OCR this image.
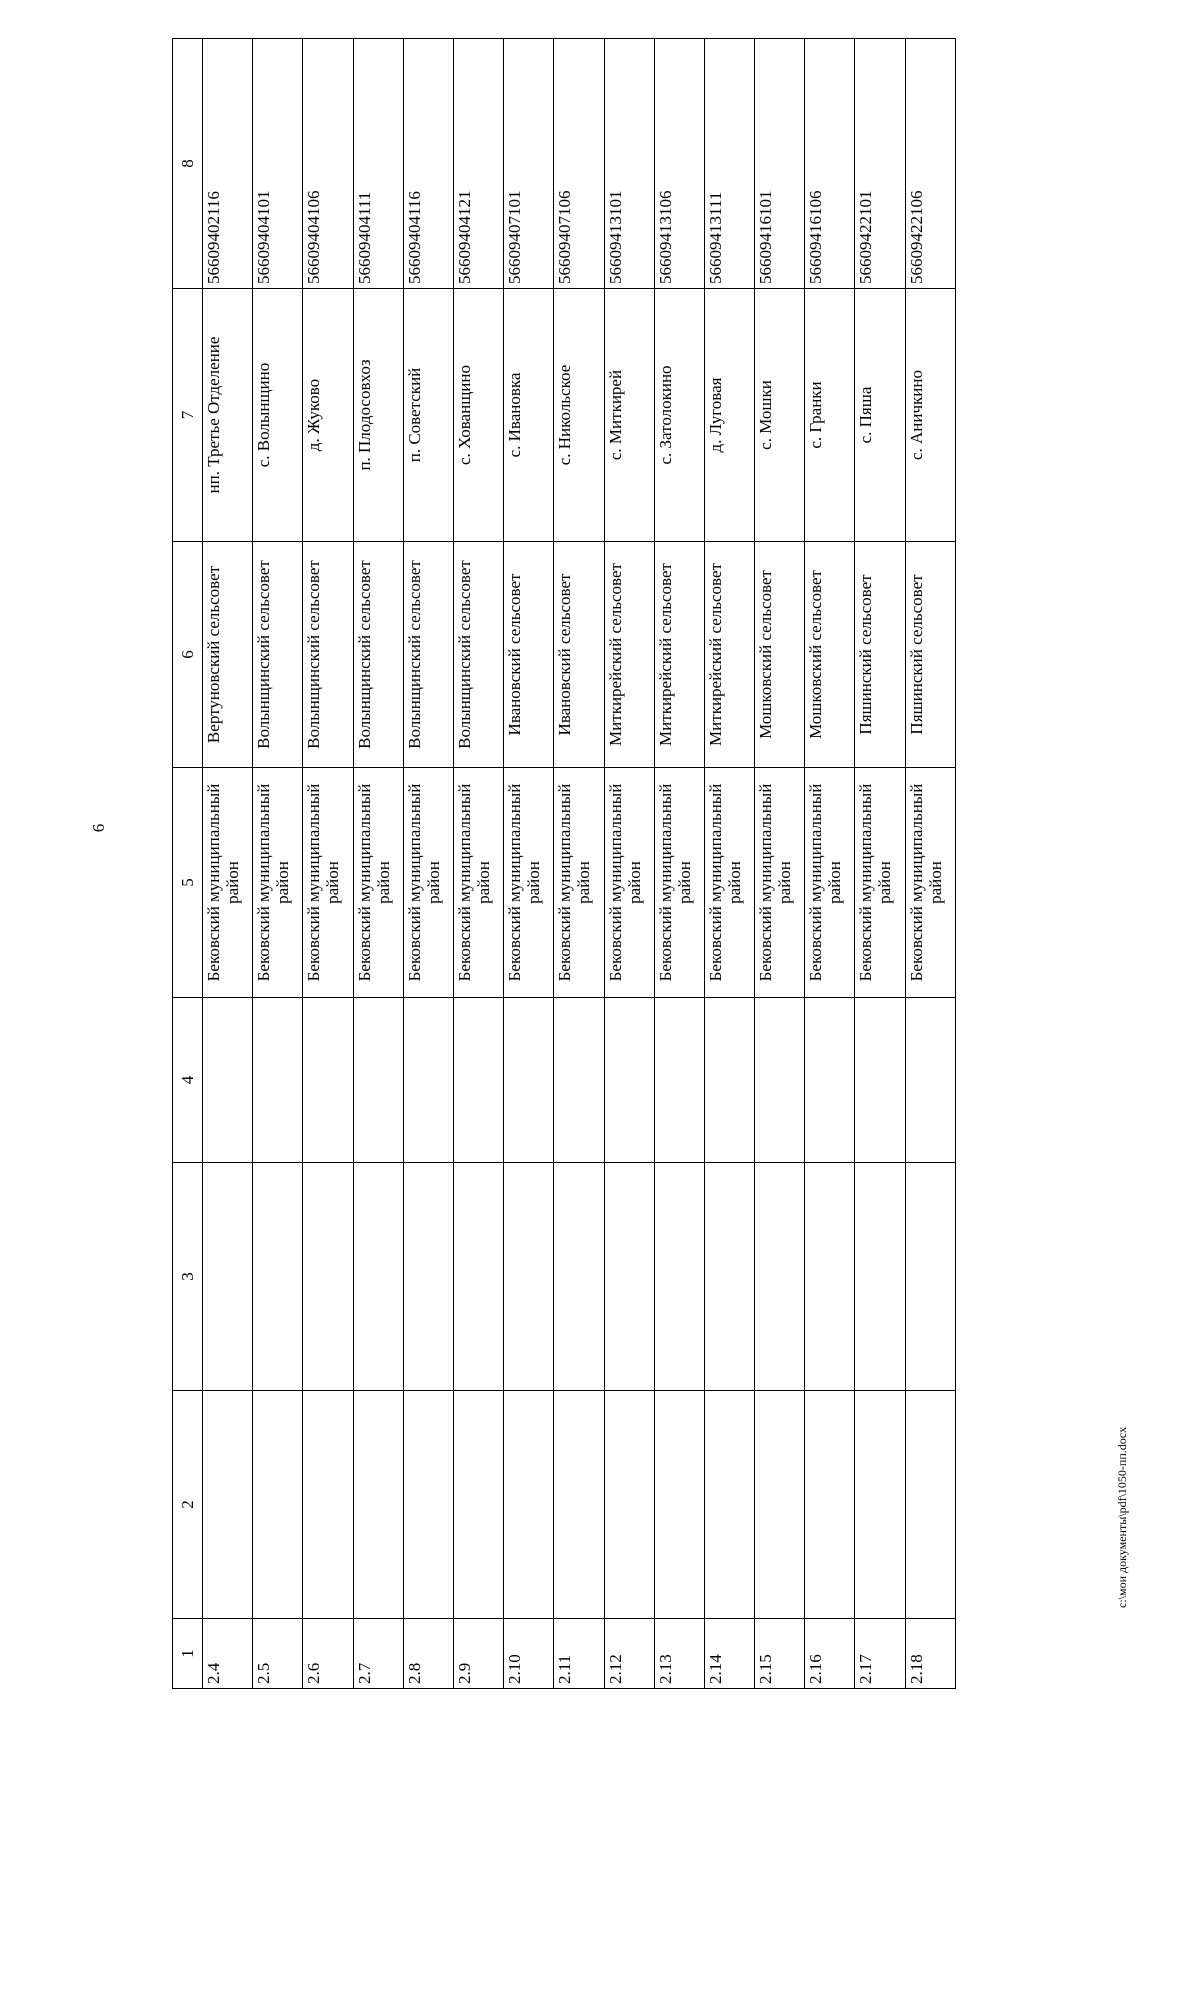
6
c:\мои документы\pdf\1050-пп.docx
1	2	3	4	5	6	7	8
2.4				Бековский муниципальный район	Вертуновский сельсовет	нп. Третье Отделение	56609402116
2.5				Бековский муниципальный район	Волынщинский сельсовет	с. Волынщино	56609404101
2.6				Бековский муниципальный район	Волынщинский сельсовет	д. Жуково	56609404106
2.7				Бековский муниципальный район	Волынщинский сельсовет	п. Плодосовхоз	56609404111
2.8				Бековский муниципальный район	Волынщинский сельсовет	п. Советский	56609404116
2.9				Бековский муниципальный район	Волынщинский сельсовет	с. Хованщино	56609404121
2.10				Бековский муниципальный район	Ивановский сельсовет	с. Ивановка	56609407101
2.11				Бековский муниципальный район	Ивановский сельсовет	с. Никольское	56609407106
2.12				Бековский муниципальный район	Миткирейский сельсовет	с. Миткирей	56609413101
2.13				Бековский муниципальный район	Миткирейский сельсовет	с. Затолокино	56609413106
2.14				Бековский муниципальный район	Миткирейский сельсовет	д. Луговая	56609413111
2.15				Бековский муниципальный район	Мошковский сельсовет	с. Мошки	56609416101
2.16				Бековский муниципальный район	Мошковский сельсовет	с. Гранки	56609416106
2.17				Бековский муниципальный район	Пяшинский сельсовет	с. Пяша	56609422101
2.18				Бековский муниципальный район	Пяшинский сельсовет	с. Аничкино	56609422106
